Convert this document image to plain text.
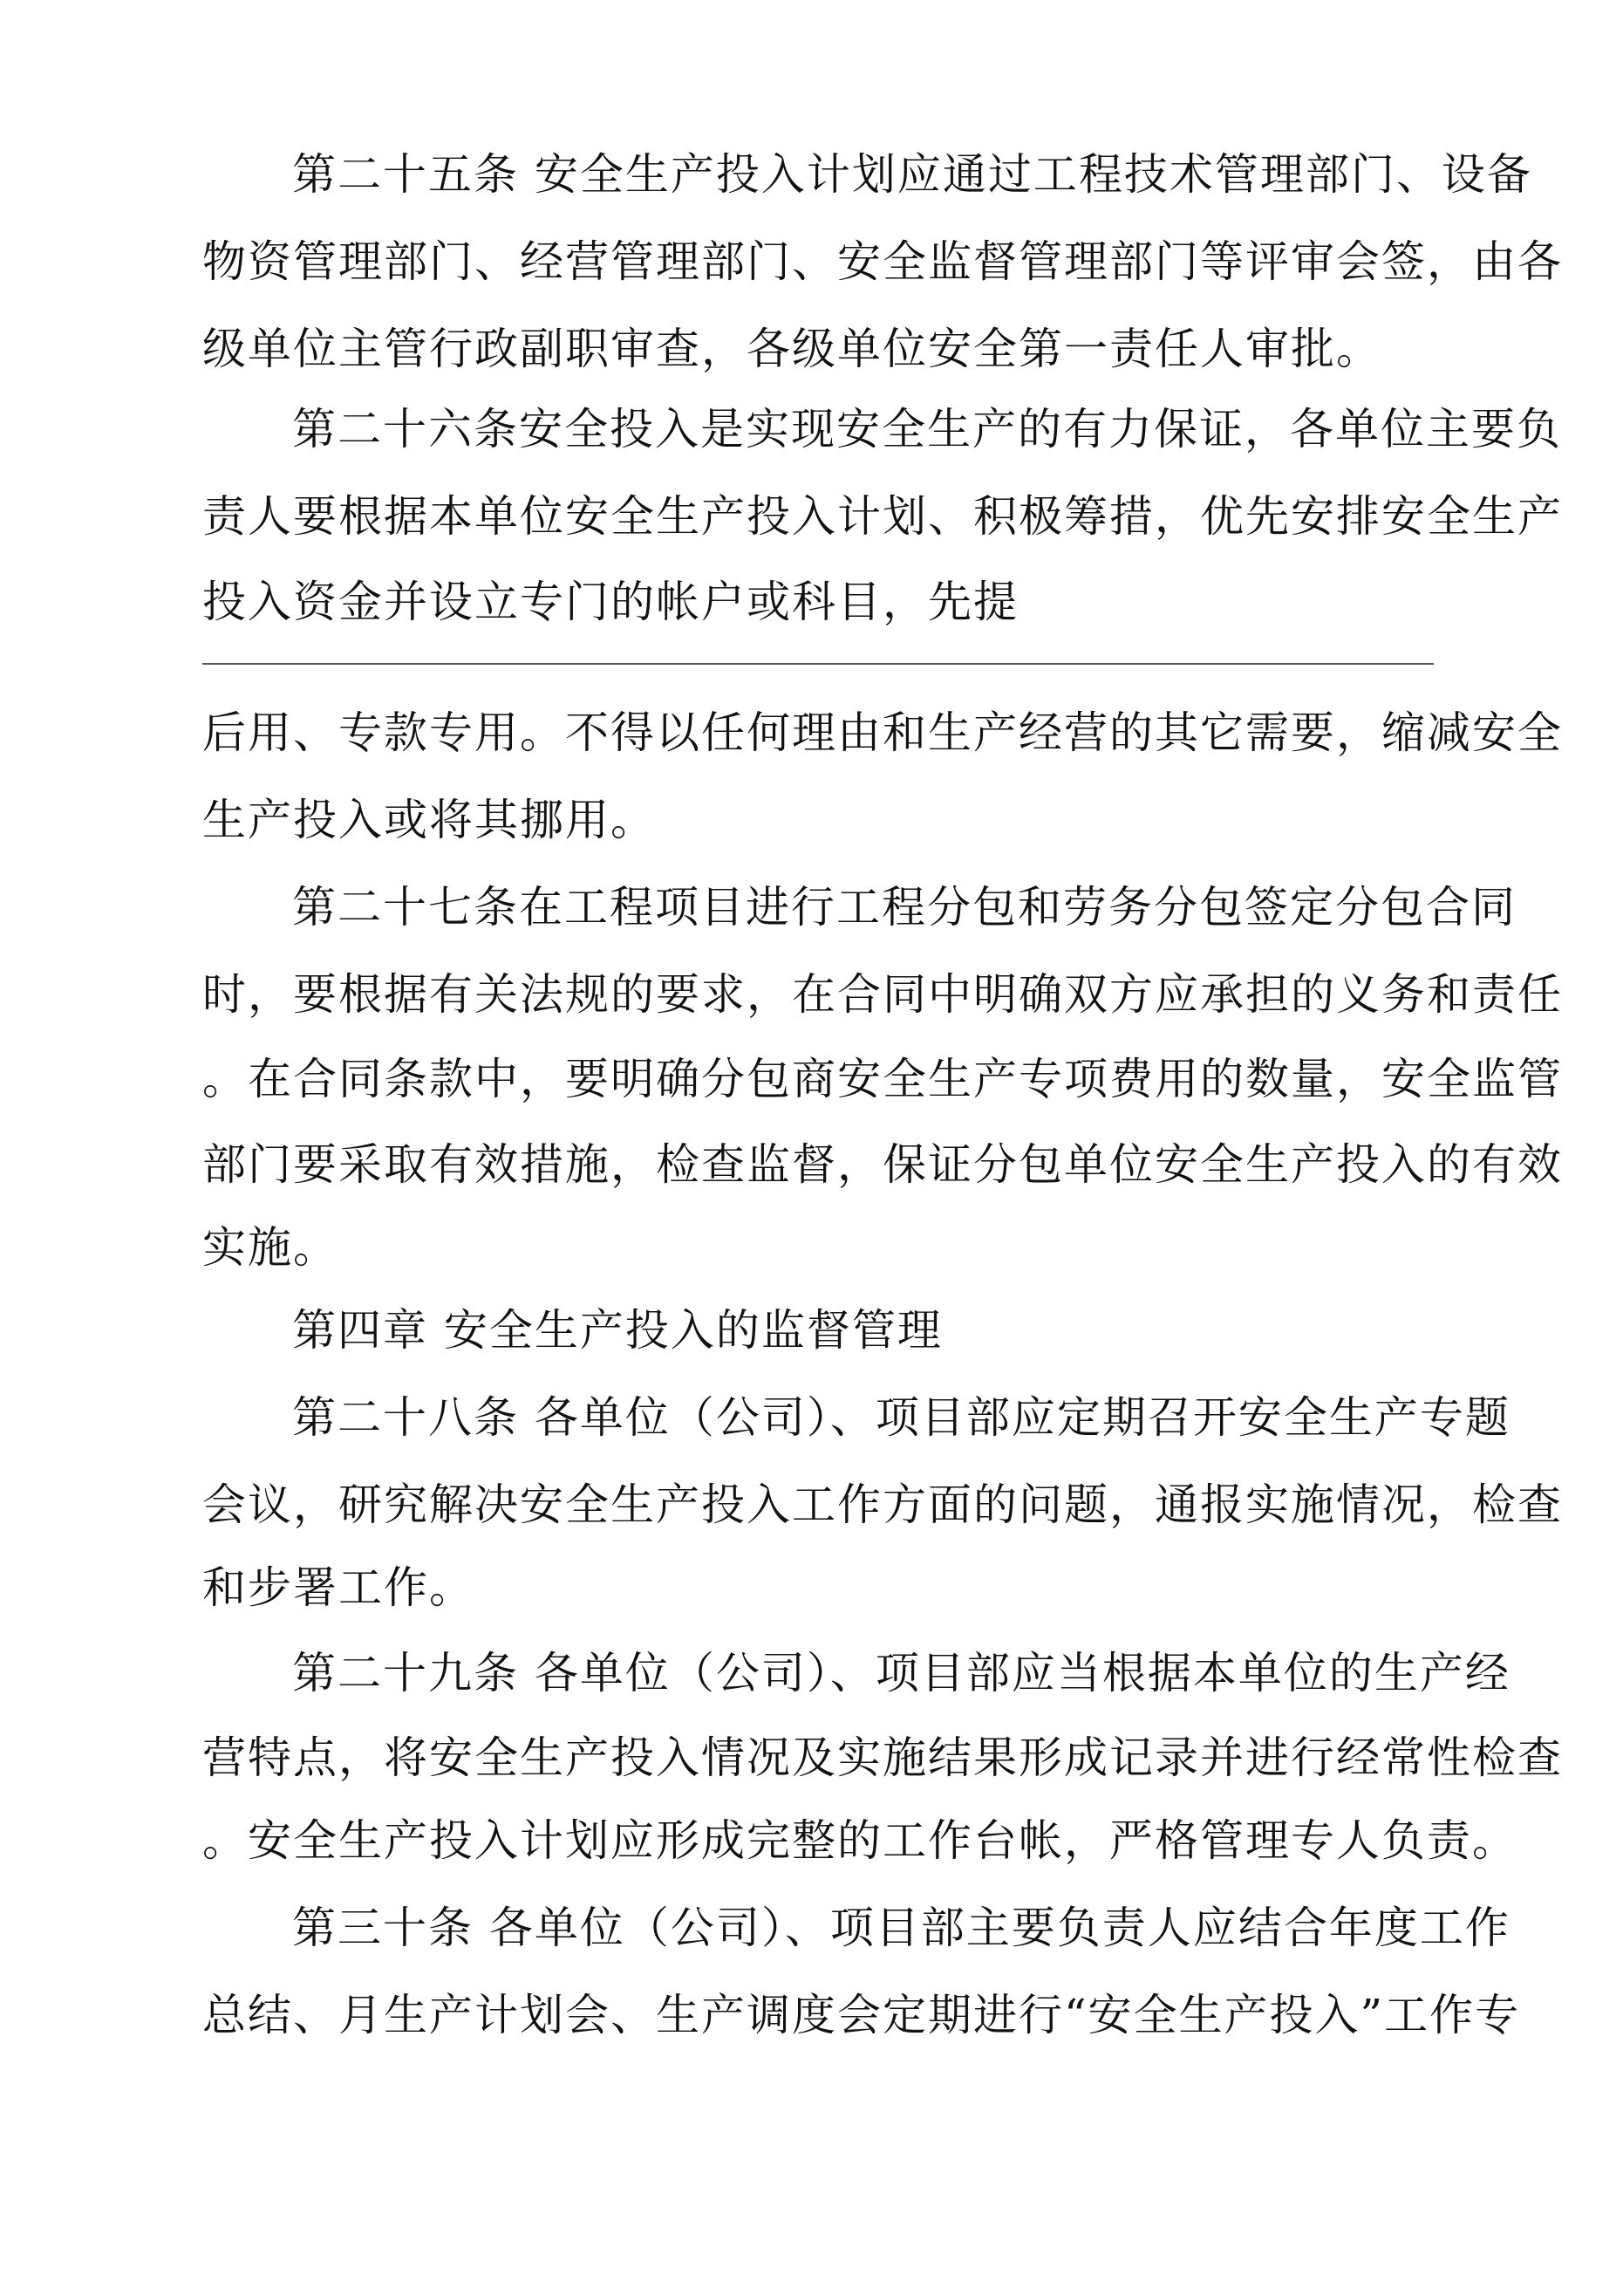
第二十五条 安全生产投入计划应通过工程技术管理部门、设备
物资管理部门、经营管理部门、安全监督管理部门等评审会签，由各
级单位主管行政副职审查，各级单位安全第一责任人审批。
第二十六条安全投入是实现安全生产的有力保证，各单位主要负
责人要根据本单位安全生产投入计划、积极筹措，优先安排安全生产
投入资金并设立专门的帐户或科目，先提
后用、专款专用。不得以任何理由和生产经营的其它需要，缩减安全
生产投入或将其挪用。
第二十七条在工程项目进行工程分包和劳务分包签定分包合同
时，要根据有关法规的要求，在合同中明确双方应承担的义务和责任
。在合同条款中，要明确分包商安全生产专项费用的数量，安全监管
部门要采取有效措施，检查监督，保证分包单位安全生产投入的有效
实施。
第四章 安全生产投入的监督管理
第二十八条 各单位（公司）、项目部应定期召开安全生产专题
会议，研究解决安全生产投入工作方面的问题，通报实施情况，检查
和步署工作。
第二十九条 各单位（公司）、项目部应当根据本单位的生产经
营特点，将安全生产投入情况及实施结果形成记录并进行经常性检查
。安全生产投入计划应形成完整的工作台帐，严格管理专人负责。
第三十条 各单位（公司）、项目部主要负责人应结合年度工作
总结、月生产计划会、生产调度会定期进行“安全生产投入”工作专
